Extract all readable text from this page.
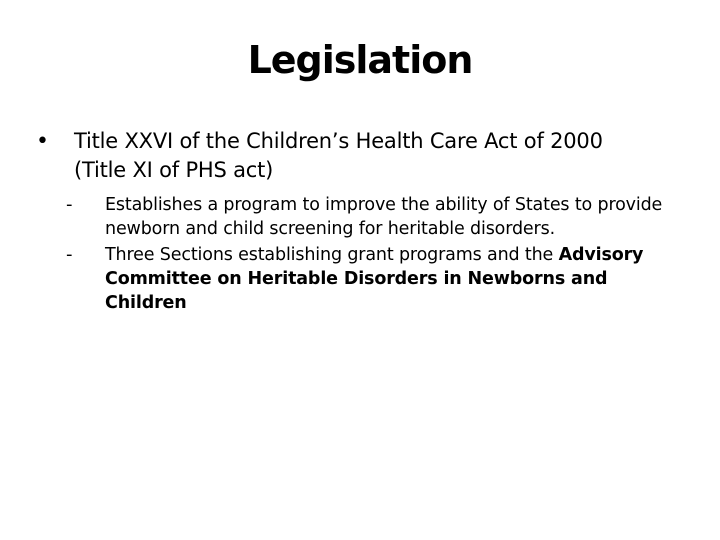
Legislation
• Title XXVI of the Children’s Health Care Act of 2000
(Title XI of PHS act)
- Establishes a program to improve the ability of States to provide newborn and child screening for heritable disorders.
- Three Sections establishing grant programs and the Advisory Committee on Heritable Disorders in Newborns and Children
